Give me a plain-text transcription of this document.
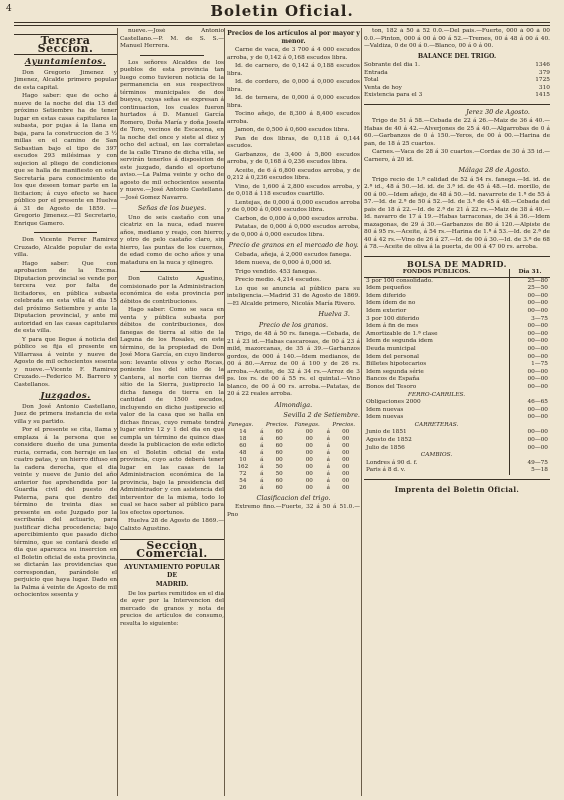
4	Boletin Oficial.
Tercera Seccion.
Ayuntamientos.

Don Gregorio Jimenez y Jimenez, Alcalde primero popular de esta capital.

Hago saber: que de ocho á nueve de la noche del dia 13 del próximo Setiembre ha de tener lugar en estas casas capitulares la subasta, por pujas á la llana en baja, para la construccion de 3 ½ millas en el camino de San Sebastian bajo el tipo de 397 escudos 293 milésimas y con sujecion al pliego de condiciones que se halla de manifiesto en esta Secretaría para conocimiento de los que deseen tomar parte en la licitacion; á cuyo efecto se hace público por el presente en Huelva á 31 de Agosto de 1859. —Gregorio Jimenez.—El Secretario, Enrique Gamero.

Don Vicente Ferrer Ramirez Cruzado, Alcalde popular de esta villa.

Hago saber: Que con aprobacion de la Excma. Diputacion provincial se vende por tercera vez por falta de licitadores, en pública subasta celebrada en esta villa el dia 15 del próximo Setiembre y ante la Diputacion provincial, y ante mi autoridad en las casas capitulares de esta villa.

Y para que llegue á noticia del público se fija el presente en Villarrasa á veinte y nueve de Agosto de mil ochocientos sesenta y nueve.—Vicente F. Ramirez Cruzado.—Federico M. Barrero y Castellanos.

Juzgados.

Don José Antonio Castellano, Juez de primera instancia de esta villa y su partido.

Por el presente se cita, llama y emplaza á la persona que se considere dueño de una jumenta rucia, cerrada, con herraje en las cuatro patas, y un hierro difuso en la cadera derecha, que el dia veinte y nueve de Junio del año anterior fue aprehendida por la Guardia civil del puesto de Paterna, para que dentro del término de treinta dias se presente en este Juzgado por la escribanía del actuario, para justificar dicha procedencia; bajo apercibimiento que pasado dicho término, que se contará desde el dia que aparezca su insercion en el Boletin oficial de esta provincia, se dictarán las providencias que correspondan, parándole el perjuicio que haya lugar. Dado en la Palma á veinte de Agosto de mil ochocientos sesenta y

nueve.—José Antonio Castellano.—P. M. de S. S.—Manuel Herrera.

Los señores Alcaldes de los pueblos de esta provincia tan luego como tuvieren noticia de la permanencia en sus respectivos términos municipales de dos bueyes, cuyas señas se expresan á continuacion, los cuales fueron hurtados á D. Manuel García Romero, Doña María y doña Josefa de Toro, vecinos de Escacena, en la noche del once y siete al diez y ocho del actual, en las corraletas de la calle Tirano de dicha villa, se servirán tenerlos á disposicion de este juzgado, dando el oportuno aviso.—La Palma veinte y ocho de agosto de mil ochocientos sesenta y nueve.—José Antonio Castellano.—José Gomez Navarro.

Señas de los bueyes.

Uno de seis castaño con una cicatriz en la nuca, edad nueve años, mediano y reajo, con hierro; y otro de pelo castaño claro, sin hierro, las puntas de los cuernos, de edad como de ocho años y una matadura en la nuca y ojinegro.

Don Calixto Agustino, comisionado por la Administracion económica de esta provincia por débitos de contribuciones.

Hago saber: Como se saca en venta y pública subasta por débitos de contribuciones, dos fanegas de tierra al sitio de la Laguna de los Rosales, en este término, de la propiedad de Don José Mora García, en cuyo linderos son: levante olivos y ocho Rocas, poniente los del sitio de la Cantera, al norte con tierras del sitio de la Sierra, justiprecio la dicha fanega de tierra en la cantidad de 1500 escudos, incluyendo en dicho justiprecio el valor de la casa que se halla en dichas fincas, cuyo remate tendrá lugar entre 12 y 1 del dia en que cumpla un término de quince dias desde la publicacion de este edicto en el Boletin oficial de esta provincia, cuyo acto deberá tener lugar en las casas de la Administracion económica de la provincia, bajo la presidencia del Administrador y con asistencia del interventor de la misma, todo lo cual se hace saber al público para los efectos oportunos.

Huelva 28 de Agosto de 1869.—Calixto Agustino.

Seccion Comercial.
AYUNTAMIENTO POPULAR DE
MADRID.

De los partes remitidos en el dia de ayer por la Intervencion del mercado de granos y nota de precios de artículos de consumo, resulta lo siguiente:

Precios de los artículos al por mayor y menor.

Carne de vaca, de 3 700 á 4 000 escudos arroba, y de 0,142 á 0,168 escudos libra.

Id. de carnero, de 0,142 á 0,188 escudos libra.

Id. de cordero, de 0,000 á 0,000 escudos libra.

Id. de ternera, de 0,000 á 0,000 escudos libra.

Tocino añejo, de 8,300 á 8,400 escudos arroba.

Jamon, de 0,500 á 0,600 escudos libra.

Pan de dos libras, de 0,118 á 0,144 escudos.

Garbanzos, de 3,400 á 5,800 escudos arroba, y de 0,168 á 0,236 escudos libra.

Aceite, de 6 á 6,800 escudos arroba, y de 0,212 á 0,236 escudos libra.

Vino, de 1,600 á 2,800 escudos arroba, y de 0,018 á 118 escudos cuartillo.

Lentejas, de 0,000 á 0,000 escudos arroba y de 0,000 á 0,000 escudos libra.

Carbon, de 0,000 á 0,000 escudos arroba.

Patatas, de 0,000 á 0,000 escudos arroba, y de 0,000 á 0,000 escudos libra.

Precio de granos en el mercado de hoy.

Cebada, añeja, á 2,000 escudos fanega.

Idem nueva, de 0,000 á 0,000 id.

Trigo vendido. 453 fanegas.

Precio medio. 4,214 escudos.

Lo que se anuncia al público para su inteligencia.—Madrid 31 de Agosto de 1869.—El Alcalde primero, Nicolás María Rivero.

Huelva 3.
Precio de los granos.

Trigo, de 48 á 50 rs. fanega.—Cebada, de 21 á 23 id.—Habas cascarosas, de 00 á 23 á mild, mazorcanas, de 35 á 39.—Garbanzos gordos, de 000 á 140.—Idem medianos, de 00 á 80.—Arroz de 00 á 100 y de 26 rs. arroba.—Aceite, de 32 á 34 rs.—Arroz de 3 ps. los rs. de 00 á 55 rs. el quintal.—Vino blanco, de 00 á 00 rs. arroba.—Patatas, de 20 á 22 reales arroba.

Almondiga.
Sevilla 2 de Setiembre.
Fanegas.		Precios.	Fanegas.		Precios.
14	á	60	00	á	00
18	á	60	00	á	00
60	á	60	00	á	00
48	á	60	00	á	00
10	á	00	00	á	00
162	á	50	00	á	00
72	á	50	00	á	00
54	á	60	00	á	00
26	á	60	00	á	00
Clasificacion del trigo.

Extremo fino.—Fuerte, 32 á 50 á 51.0.—Pno

ton, 182 á 50 á 52 0.0.—Del pais.—Fuerte, 000 á 00 á 00 0.0.—Pinton, 000 á 00 á 00 á 52.—Tremes, 00 á 48 á 00 á 40.—Valdiza, 0 de 00 á 0.—Blanco, 00 á 0 á 00.

BALANCE DEL TRIGO.
Sobrante del dia 1.	1346
Entrada	379
Total	1725
Venta de hoy	310
Existencia para el 3	1415
Jerez 30 de Agosto.

Trigo de 51 á 58.—Cebada de 22 á 26.—Maiz de 36 á 40.—Habas de 40 á 42.—Alverjones de 25 á 40.—Algarrobas de 0 á 60.—Garbanzos de 0 á 150.—Yeros, de 00 á 00.—Harina de pan, de 18 á 25 cuartos.

Carnes.—Vaca de 28 á 30 cuartos.—Cordas de 30 á 35 id.—Carnero, á 20 id.

Málaga 28 de Agosto.

Trigo recio de 1.ª calidad de 52 á 54 rs. fanega.—Id. id. de 2.ª id., 48 á 50.—Id. id. de 3.ª id. de 45 á 48.—Id. morillo, de 00 á 00.—Idem añejo, de 48 á 50.—Id. navarrete de 1.ª de 55 á 57.—Id. de 2.ª de 50 á 52.—Id. de 3.ª de 45 á 48.—Cebada del pais de 18 á 22.—Id. de 2.ª de 21 á 22 rs.—Maiz de 38 á 40.—Id. navarro de 17 á 19.—Habas tarraconas, de 34 á 36.—Idem mazagonas, de 29 á 30.—Garbanzos de 80 á 120.—Alpiste de 80 á 95 rs.—Aceite, á 54 rs.—Harina de 1.ª á 53.—Id. de 2.ª de 40 á 42 rs.—Vino de 26 á 27.—Id. de 00 á 30.—Id. de 3.ª de 68 á 78.—Aceite de oliva á la puerta, de 00 á 47 00 rs. arroba.

BOLSA DE MADRID.
FONDOS PÚBLICOS.	Dia 31.
3 por 100 consolidado.	25—80
Idem pequeños	25—50
Idem diferido	00—00
Idem ídem de no	00—00
Idem exterior	00—00
3 por 100 diferido	3—75
Idem á fin de mes	00—00
Amortizable de 1.ª clase	00—00
Idem de segunda idem	00—00
Deuda municipal	00—00
Idem del personal	00—00
Billetes hipotecarios	1—75
Idem segunda série	00—00
Bancos de España	00—00
Bonos del Tesoro	00—00
FERRO-CARRILES.	
Obligaciones 2000	46—65
Idem nuevas	00—00
Idem nuevas	00—00
CARRETERAS.	
Junio de 1851	00—00
Agosto de 1852	00—00
Julio de 1856	00—00
CAMBIOS.	
Londres á 90 d. f.	49—75
Paris á 8 d. v.	5—18
Imprenta del Boletin Oficial.
